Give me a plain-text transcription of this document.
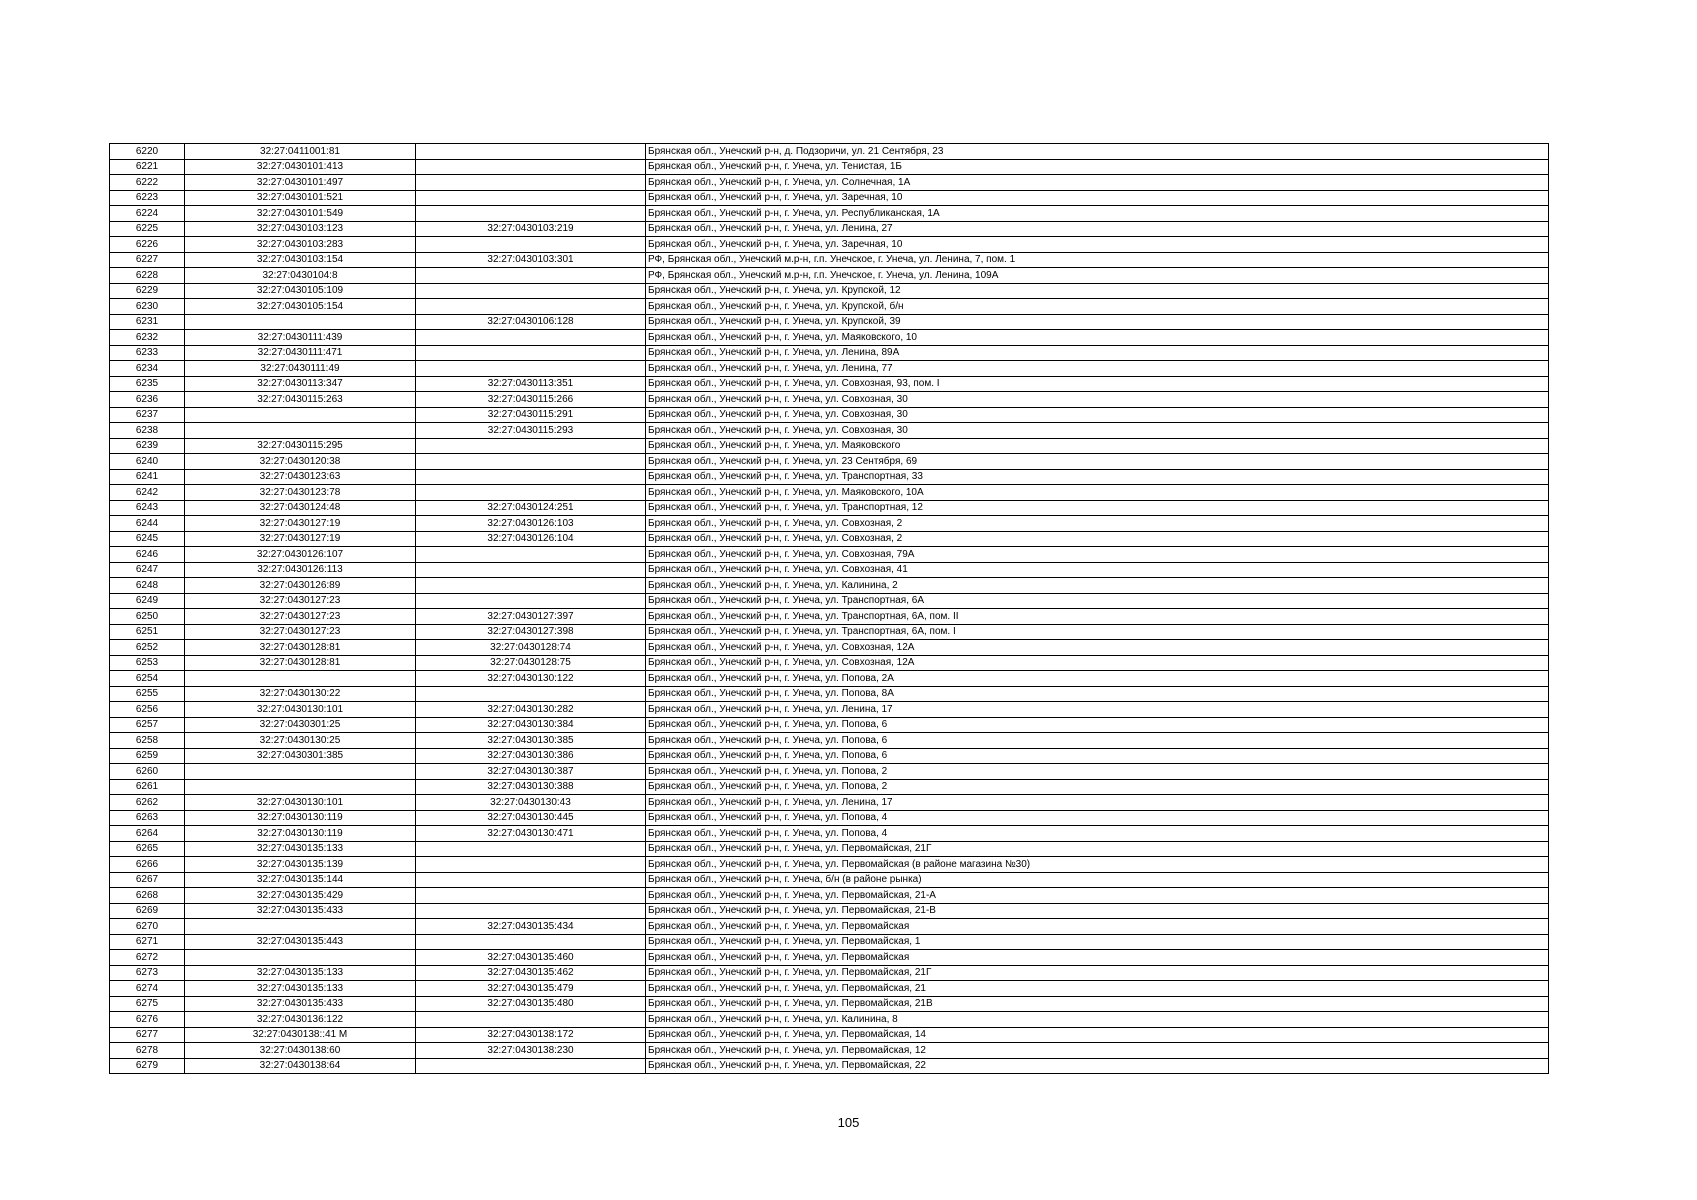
6220	32:27:0411001:81		Брянская обл., Унечский р-н, д. Подзоричи, ул. 21 Сентября, 23
6221	32:27:0430101:413		Брянская обл., Унечский р-н, г. Унеча, ул. Тенистая, 1Б
6222	32:27:0430101:497		Брянская обл., Унечский р-н, г. Унеча, ул. Солнечная, 1А
6223	32:27:0430101:521		Брянская обл., Унечский р-н, г. Унеча, ул. Заречная, 10
6224	32:27:0430101:549		Брянская обл., Унечский р-н, г. Унеча, ул. Республиканская, 1А
6225	32:27:0430103:123	32:27:0430103:219	Брянская обл., Унечский р-н, г. Унеча, ул. Ленина, 27
6226	32:27:0430103:283		Брянская обл., Унечский р-н, г. Унеча, ул. Заречная, 10
6227	32:27:0430103:154	32:27:0430103:301	РФ, Брянская обл., Унечский м.р-н, г.п. Унечское, г. Унеча, ул. Ленина, 7, пом. 1
6228	32:27:0430104:8		РФ, Брянская обл., Унечский м.р-н, г.п. Унечское, г. Унеча, ул. Ленина, 109А
6229	32:27:0430105:109		Брянская обл., Унечский р-н, г. Унеча, ул. Крупской, 12
6230	32:27:0430105:154		Брянская обл., Унечский р-н, г. Унеча, ул. Крупской, б/н
6231		32:27:0430106:128	Брянская обл., Унечский р-н, г. Унеча, ул. Крупской, 39
6232	32:27:0430111:439		Брянская обл., Унечский р-н, г. Унеча, ул. Маяковского, 10
6233	32:27:0430111:471		Брянская обл., Унечский р-н, г. Унеча, ул. Ленина, 89А
6234	32:27:0430111:49		Брянская обл., Унечский р-н, г. Унеча, ул. Ленина, 77
6235	32:27:0430113:347	32:27:0430113:351	Брянская обл., Унечский р-н, г. Унеча, ул. Совхозная, 93, пом. I
6236	32:27:0430115:263	32:27:0430115:266	Брянская обл., Унечский р-н, г. Унеча, ул. Совхозная, 30
6237		32:27:0430115:291	Брянская обл., Унечский р-н, г. Унеча, ул. Совхозная, 30
6238		32:27:0430115:293	Брянская обл., Унечский р-н, г. Унеча, ул. Совхозная, 30
6239	32:27:0430115:295		Брянская обл., Унечский р-н, г. Унеча, ул. Маяковского
6240	32:27:0430120:38		Брянская обл., Унечский р-н, г. Унеча, ул. 23 Сентября, 69
6241	32:27:0430123:63		Брянская обл., Унечский р-н, г. Унеча, ул. Транспортная, 33
6242	32:27:0430123:78		Брянская обл., Унечский р-н, г. Унеча, ул. Маяковского, 10А
6243	32:27:0430124:48	32:27:0430124:251	Брянская обл., Унечский р-н, г. Унеча, ул. Транспортная, 12
6244	32:27:0430127:19	32:27:0430126:103	Брянская обл., Унечский р-н, г. Унеча, ул. Совхозная, 2
6245	32:27:0430127:19	32:27:0430126:104	Брянская обл., Унечский р-н, г. Унеча, ул. Совхозная, 2
6246	32:27:0430126:107		Брянская обл., Унечский р-н, г. Унеча, ул. Совхозная, 79А
6247	32:27:0430126:113		Брянская обл., Унечский р-н, г. Унеча, ул. Совхозная, 41
6248	32:27:0430126:89		Брянская обл., Унечский р-н, г. Унеча, ул. Калинина, 2
6249	32:27:0430127:23		Брянская обл., Унечский р-н, г. Унеча, ул. Транспортная, 6А
6250	32:27:0430127:23	32:27:0430127:397	Брянская обл., Унечский р-н, г. Унеча, ул. Транспортная, 6А, пом. II
6251	32:27:0430127:23	32:27:0430127:398	Брянская обл., Унечский р-н, г. Унеча, ул. Транспортная, 6А, пом. I
6252	32:27:0430128:81	32:27:0430128:74	Брянская обл., Унечский р-н, г. Унеча, ул. Совхозная, 12А
6253	32:27:0430128:81	32:27:0430128:75	Брянская обл., Унечский р-н, г. Унеча, ул. Совхозная, 12А
6254		32:27:0430130:122	Брянская обл., Унечский р-н, г. Унеча, ул. Попова, 2А
6255	32:27:0430130:22		Брянская обл., Унечский р-н, г. Унеча, ул. Попова, 8А
6256	32:27:0430130:101	32:27:0430130:282	Брянская обл., Унечский р-н, г. Унеча, ул. Ленина, 17
6257	32:27:0430301:25	32:27:0430130:384	Брянская обл., Унечский р-н, г. Унеча, ул. Попова, 6
6258	32:27:0430130:25	32:27:0430130:385	Брянская обл., Унечский р-н, г. Унеча, ул. Попова, 6
6259	32:27:0430301:385	32:27:0430130:386	Брянская обл., Унечский р-н, г. Унеча, ул. Попова, 6
6260		32:27:0430130:387	Брянская обл., Унечский р-н, г. Унеча, ул. Попова, 2
6261		32:27:0430130:388	Брянская обл., Унечский р-н, г. Унеча, ул. Попова, 2
6262	32:27:0430130:101	32:27:0430130:43	Брянская обл., Унечский р-н, г. Унеча, ул. Ленина, 17
6263	32:27:0430130:119	32:27:0430130:445	Брянская обл., Унечский р-н, г. Унеча, ул. Попова, 4
6264	32:27:0430130:119	32:27:0430130:471	Брянская обл., Унечский р-н, г. Унеча, ул. Попова, 4
6265	32:27:0430135:133		Брянская обл., Унечский р-н, г. Унеча, ул. Первомайская, 21Г
6266	32:27:0430135:139		Брянская обл., Унечский р-н, г. Унеча, ул. Первомайская (в районе магазина №30)
6267	32:27:0430135:144		Брянская обл., Унечский р-н, г. Унеча, б/н (в районе рынка)
6268	32:27:0430135:429		Брянская обл., Унечский р-н, г. Унеча, ул. Первомайская, 21-А
6269	32:27:0430135:433		Брянская обл., Унечский р-н, г. Унеча, ул. Первомайская, 21-В
6270		32:27:0430135:434	Брянская обл., Унечский р-н, г. Унеча, ул. Первомайская
6271	32:27:0430135:443		Брянская обл., Унечский р-н, г. Унеча, ул. Первомайская, 1
6272		32:27:0430135:460	Брянская обл., Унечский р-н, г. Унеча, ул. Первомайская
6273	32:27:0430135:133	32:27:0430135:462	Брянская обл., Унечский р-н, г. Унеча, ул. Первомайская, 21Г
6274	32:27:0430135:133	32:27:0430135:479	Брянская обл., Унечский р-н, г. Унеча, ул. Первомайская, 21
6275	32:27:0430135:433	32:27:0430135:480	Брянская обл., Унечский р-н, г. Унеча, ул. Первомайская, 21В
6276	32:27:0430136:122		Брянская обл., Унечский р-н, г. Унеча, ул. Калинина, 8
6277	32:27:0430138::41 М	32:27:0430138:172	Брянская обл., Унечский р-н, г. Унеча, ул. Первомайская, 14
6278	32:27:0430138:60	32:27:0430138:230	Брянская обл., Унечский р-н, г. Унеча, ул. Первомайская, 12
6279	32:27:0430138:64		Брянская обл., Унечский р-н, г. Унеча, ул. Первомайская, 22
105
